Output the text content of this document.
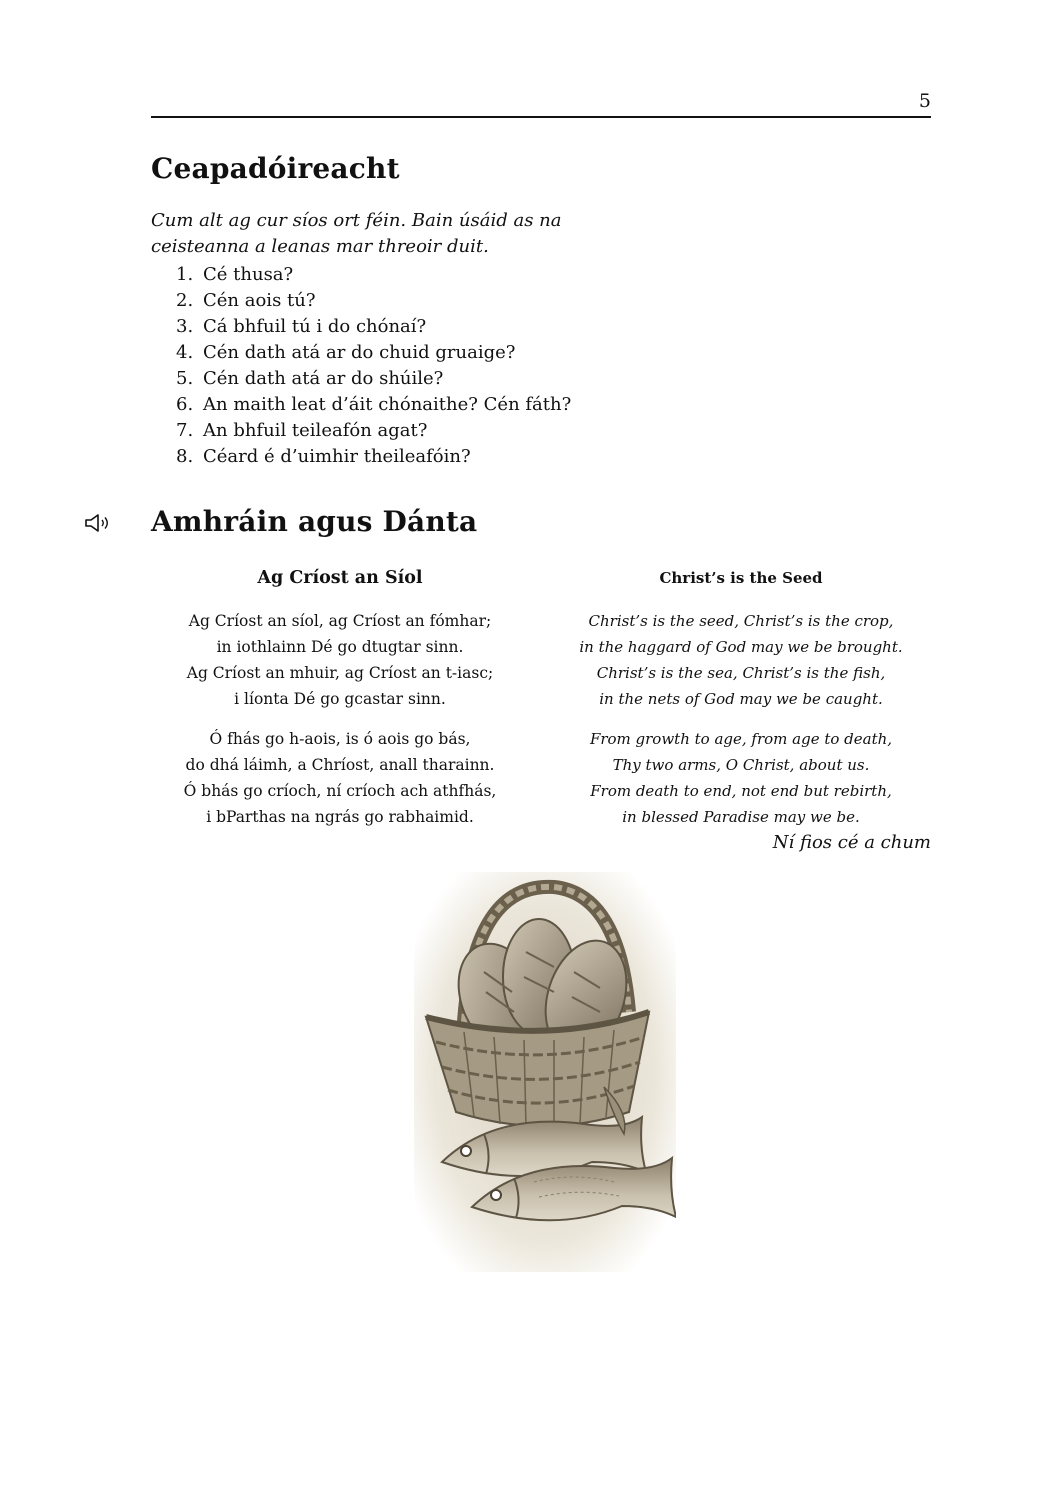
5
Ceapadóireacht

Cum alt ag cur síos ort féin. Bain úsáid as na ceisteanna a leanas mar threoir duit.

1. Cé thusa?
2. Cén aois tú?
3. Cá bhfuil tú i do chónaí?
4. Cén dath atá ar do chuid gruaige?
5. Cén dath atá ar do shúile?
6. An maith leat d’áit chónaithe? Cén fáth?
7. An bhfuil teileafón agat?
8. Céard é d’uimhir theileafóin?
Amhráin agus Dánta
Ag Críost an Síol
Ag Críost an síol, ag Críost an fómhar;
in iothlainn Dé go dtugtar sinn.
Ag Críost an mhuir, ag Críost an t-iasc;
i líonta Dé go gcastar sinn.
Ó fhás go h-aois, is ó aois go bás,
do dhá láimh, a Chríost, anall tharainn.
Ó bhás go críoch, ní críoch ach athfhás,
i bParthas na ngrás go rabhaimid.
Christ’s is the Seed
Christ’s is the seed, Christ’s is the crop,
in the haggard of God may we be brought.
Christ’s is the sea, Christ’s is the fish,
in the nets of God may we be caught.
From growth to age, from age to death,
Thy two arms, O Christ, about us.
From death to end, not end but rebirth,
in blessed Paradise may we be.
Ní fios cé a chum
